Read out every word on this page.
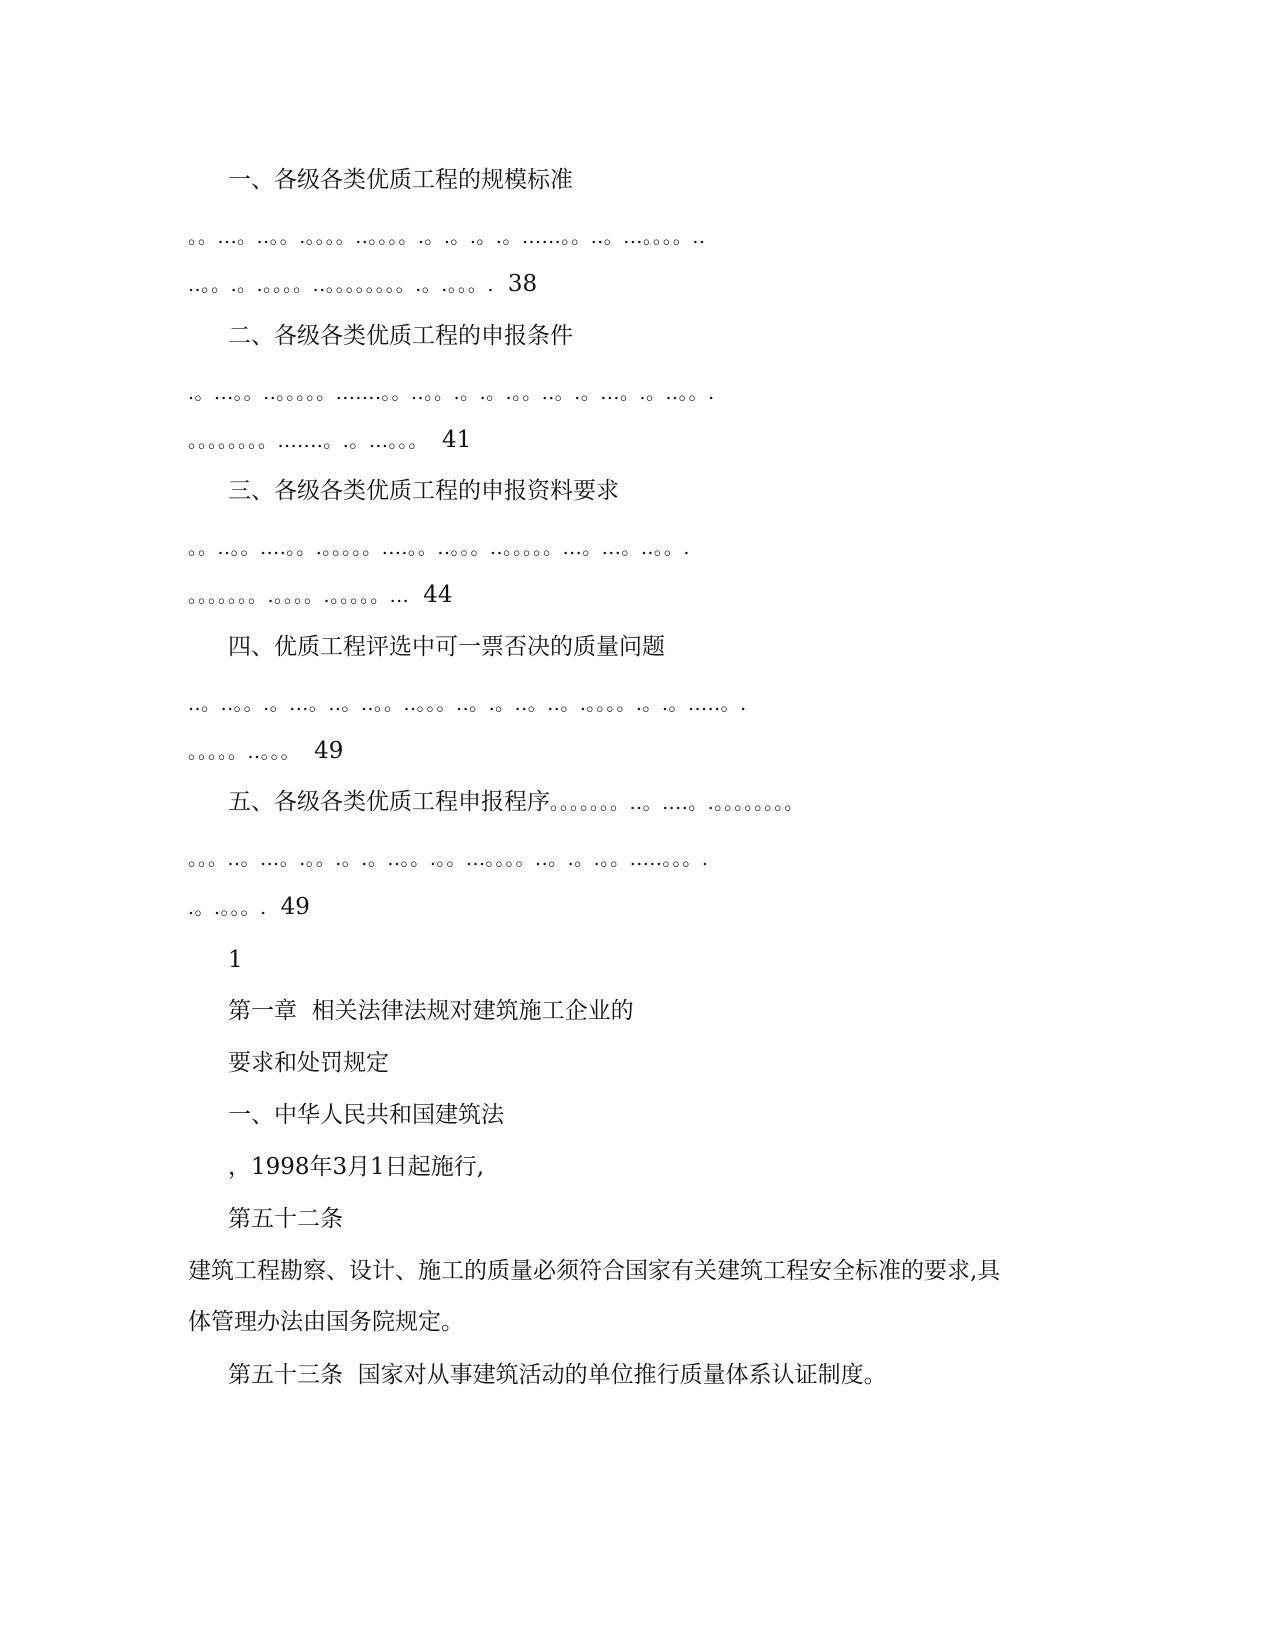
一、各级各类优质工程的规模标准
。。...。..。。.。。。。..。。。。.。.。.。.。......。。..。...。。。。..
..。。.。.。。。。..。。。。。。。。.。.。。。. 38
二、各级各类优质工程的申报条件
.。...。。..。。。。。.......。。..。。.。.。.。。..。.。...。.。..。。.
。。。。。。。。.......。.。...。。。 41
三、各级各类优质工程的申报资料要求
。。..。。....。。.。。。。。....。。..。。。..。。。。。...。...。..。。.
。。。。。。。.。。。。.。。。。。... 44
四、优质工程评选中可一票否决的质量问题
..。..。。.。...。..。..。。..。。。..。.。..。..。.。。。。.。.。.....。.
。。。。。..。。。 49
五、各级各类优质工程申报程序。。。。。。。..。....。.。。。。。。。。
。。。..。...。.。。.。.。..。。.。。...。。。。..。.。.。。.....。。。.
.。.。。。. 49
1
第一章  相关法律法规对建筑施工企业的
要求和处罚规定
一、中华人民共和国建筑法
，1998年3月1日起施行,
第五十二条
建筑工程勘察、设计、施工的质量必须符合国家有关建筑工程安全标准的要求,具
体管理办法由国务院规定。
第五十三条  国家对从事建筑活动的单位推行质量体系认证制度。
